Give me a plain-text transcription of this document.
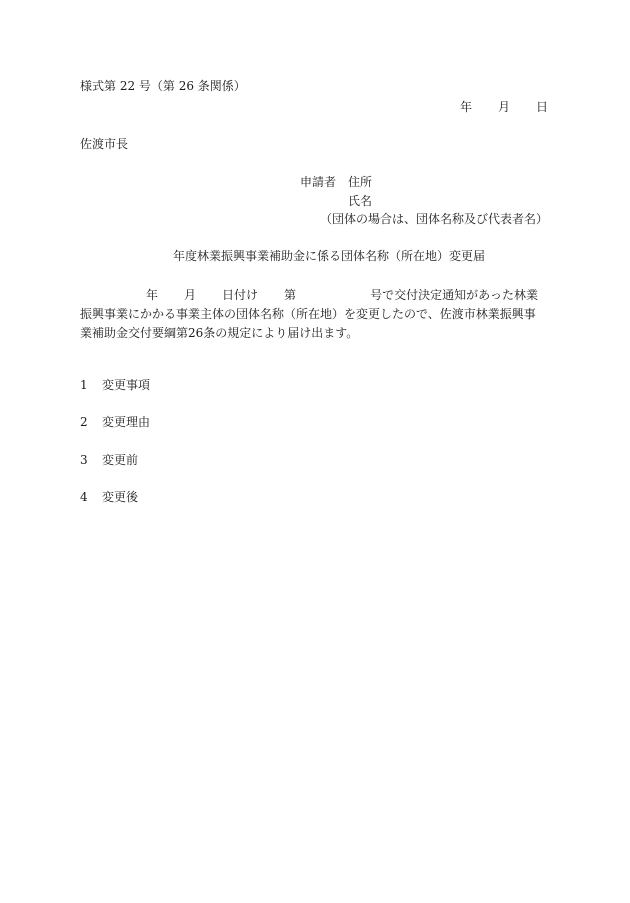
様式第 22 号（第 26 条関係）
年 月 日
佐渡市長
申請者 住所
氏名
（団体の場合は、団体名称及び代表者名）
年度林業振興事業補助金に係る団体名称（所在地）変更届
年 月 日付け 第	号で交付決定通知があった林業
振興事業にかかる事業主体の団体名称（所在地）を変更したので、佐渡市林業振興事
業補助金交付要綱第26条の規定により届け出ます。
1 変更事項
2 変更理由
3 変更前
4 変更後
